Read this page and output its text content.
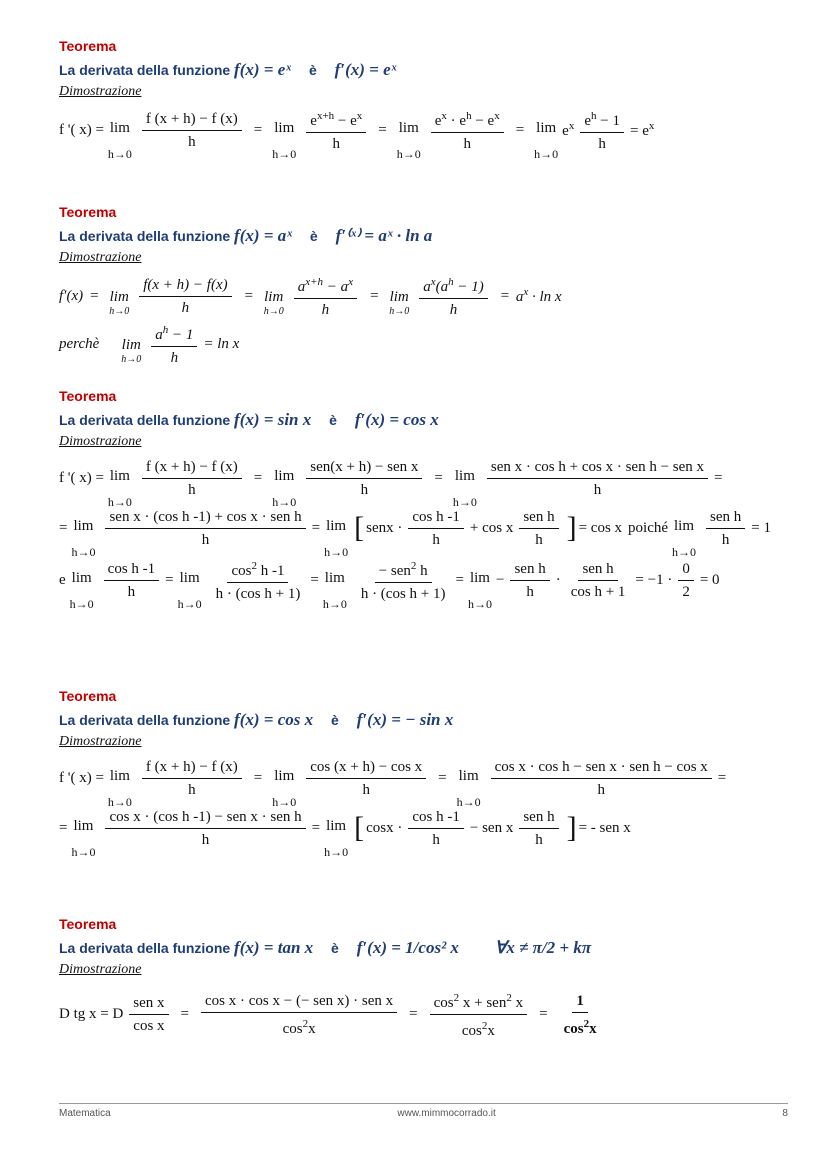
Teorema
La derivata della funzione f(x) = eˣ è f′(x) = eˣ
Dimostrazione
f '( x) = lim
h→0
$\frac{f (x + h) - f (x)}{h} = \lim$
h→0
$\frac{e^{x+h} - e^x}{h} = \lim$
h→0
$\frac{e^x \cdot e^h - e^x}{h} = \lim$
h→0
$e^x \frac{e^h - 1}{h} = e^x$
Teorema
La derivata della funzione f(x) = aˣ è f′⁽ˣ⁾ = aˣ · ln a
Dimostrazione
f′(x) = lim
$h\to 0 \frac{f(x + h) - f(x)}{h} = \lim$
$h\to 0 \frac{a^{x+h} - a^x}{h} = \lim$
$h\to 0 \frac{a^x(a^h - 1)}{h} = a^x \cdot \ln x$
perchè lim
$h\to 0 \frac{a^h - 1}{h} = \ln x$
Teorema
La derivata della funzione f(x) = sin x è f′(x) = cos x
Dimostrazione
f '( x) = lim
h→0
$\frac{f (x + h) - f (x)}{h} = \lim$
h→0
$\frac{\text{sen(x + h) − sen x}}{h} = \lim$
h→0
$\frac{\text{sen x · cos h + cos x · sen h − sen x}}{h}$ =
= lim
h→0
$\frac{\text{sen x · (cos h -1) + cos x · sen h}}{h} = \lim$
h→0
[ senx · $\frac{\text{cos h -1}}{h} + \cos x \frac{\text{sen h}}{h}$ ] = cos x poiché lim
h→0
$\frac{\text{sen h}}{h} = 1$
e lim
h→0
$\frac{\text{cos h -1}}{h} = \lim$
h→0
$\frac{\cos^2 h -1}{\text{h · (cos h + 1)}} = \lim$
h→0
$\frac{- sen^2 h}{\text{h · (cos h + 1)}} = \lim$
h→0
− $\frac{\text{sen h}}{h} \cdot \frac{\text{sen h}}{\text{cos h + 1}} = -1 \cdot \frac{0}{2} = 0$
Teorema
La derivata della funzione f(x) = cos x è f′(x) = − sin x
Dimostrazione
f '( x) = lim
h→0
$\frac{f (x + h) - f (x)}{h} = \lim$
h→0
$\frac{\text{cos (x + h) − cos x}}{h} = \lim$
h→0
$\frac{\text{cos x · cos h − sen x · sen h − cos x}}{h}$ =
= lim
h→0
$\frac{\text{cos x · (cos h -1) − sen x · sen h}}{h} = \lim$
h→0
[ $\cos x \cdot \frac{\text{cos h -1}}{h}$ − sen x $\frac{\text{sen h}}{h}$ ] = - sen x
Teorema
La derivata della funzione f(x) = tan x è f′(x) = 1/cos² x ∀x ≠ π/2 + kπ
Dimostrazione
D tg x = D $\frac{\text{sen x}}{\text{cos x}} = \frac{\text{cos x · cos x − (− sen x) · sen x}}{\cos^2x} = \frac{\cos^2 x + sen^2 x}{\cos^2x} = \frac{1}{\cos^2x}$
Matematica	www.mimmocorrado.it	8
